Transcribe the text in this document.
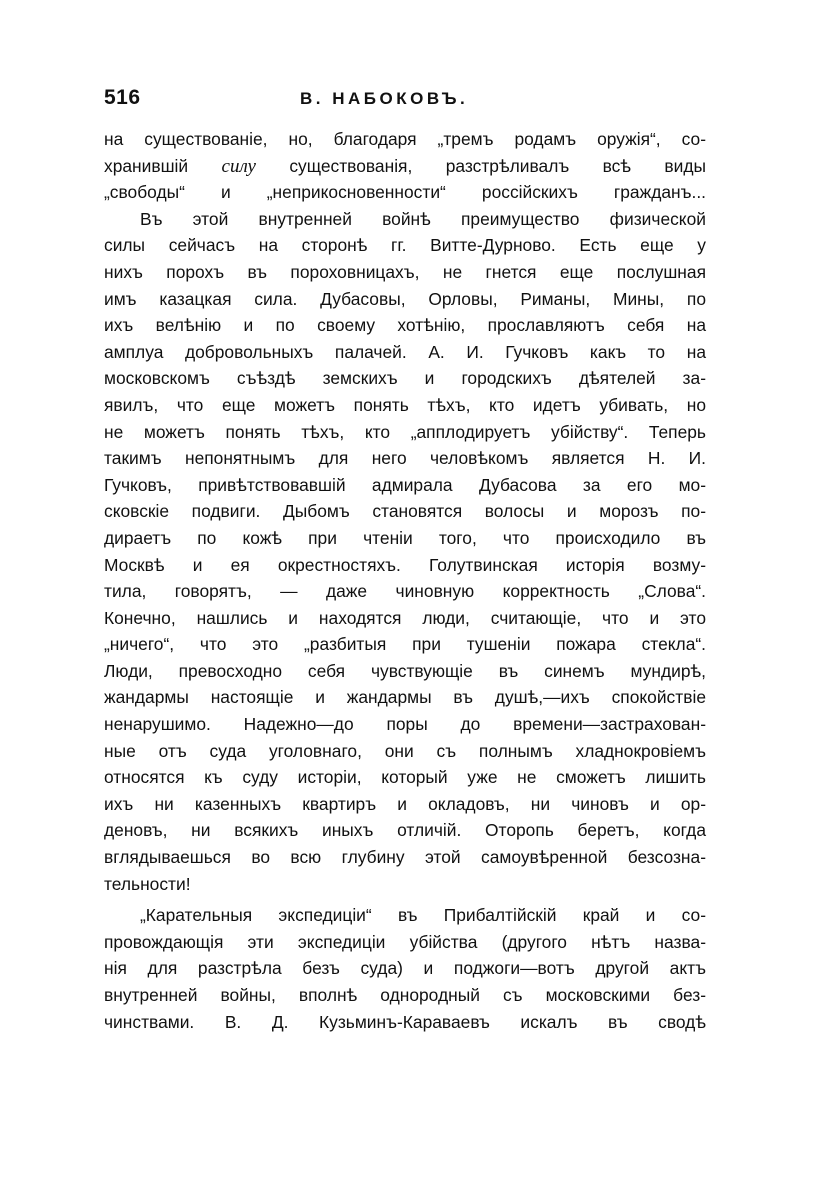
516	В. НАБОКОВЪ.
на существованіе, но, благодаря „тремъ родамъ оружія“, со-
хранившій силу существованія, разстрѣливалъ всѣ виды
„свободы“ и „неприкосновенности“ россійскихъ гражданъ...
Въ этой внутренней войнѣ преимущество физической
силы сейчасъ на сторонѣ гг. Витте-Дурново. Есть еще у
нихъ порохъ въ пороховницахъ, не гнется еще послушная
имъ казацкая сила. Дубасовы, Орловы, Риманы, Мины, по
ихъ велѣнію и по своему хотѣнію, прославляютъ себя на
амплуа добровольныхъ палачей. А. И. Гучковъ какъ то на
московскомъ съѣздѣ земскихъ и городскихъ дѣятелей за-
явилъ, что еще можетъ понять тѣхъ, кто идетъ убивать, но
не можетъ понять тѣхъ, кто „апплодируетъ убійству“. Теперь
такимъ непонятнымъ для него человѣкомъ является Н. И.
Гучковъ, привѣтствовавшій адмирала Дубасова за его мо-
сковскіе подвиги. Дыбомъ становятся волосы и морозъ по-
дираетъ по кожѣ при чтеніи того, что происходило въ
Москвѣ и ея окрестностяхъ. Голутвинская исторія возму-
тила, говорятъ, — даже чиновную корректность „Слова“.
Конечно, нашлись и находятся люди, считающіе, что и это
„ничего“, что это „разбитыя при тушеніи пожара стекла“.
Люди, превосходно себя чувствующіе въ синемъ мундирѣ,
жандармы настоящіе и жандармы въ душѣ,—ихъ спокойствіе
ненарушимо. Надежно—до поры до времени—застрахован-
ные отъ суда уголовнаго, они съ полнымъ хладнокровіемъ
относятся къ суду исторіи, который уже не сможетъ лишить
ихъ ни казенныхъ квартиръ и окладовъ, ни чиновъ и ор-
деновъ, ни всякихъ иныхъ отличій. Оторопь беретъ, когда
вглядываешься во всю глубину этой самоувѣренной безсозна-
тельности!
„Карательныя экспедиціи“ въ Прибалтійскій край и со-
провождающія эти экспедиціи убійства (другого нѣтъ назва-
нія для разстрѣла безъ суда) и поджоги—вотъ другой актъ
внутренней войны, вполнѣ однородный съ московскими без-
чинствами. В. Д. Кузьминъ-Караваевъ искалъ въ сводѣ
